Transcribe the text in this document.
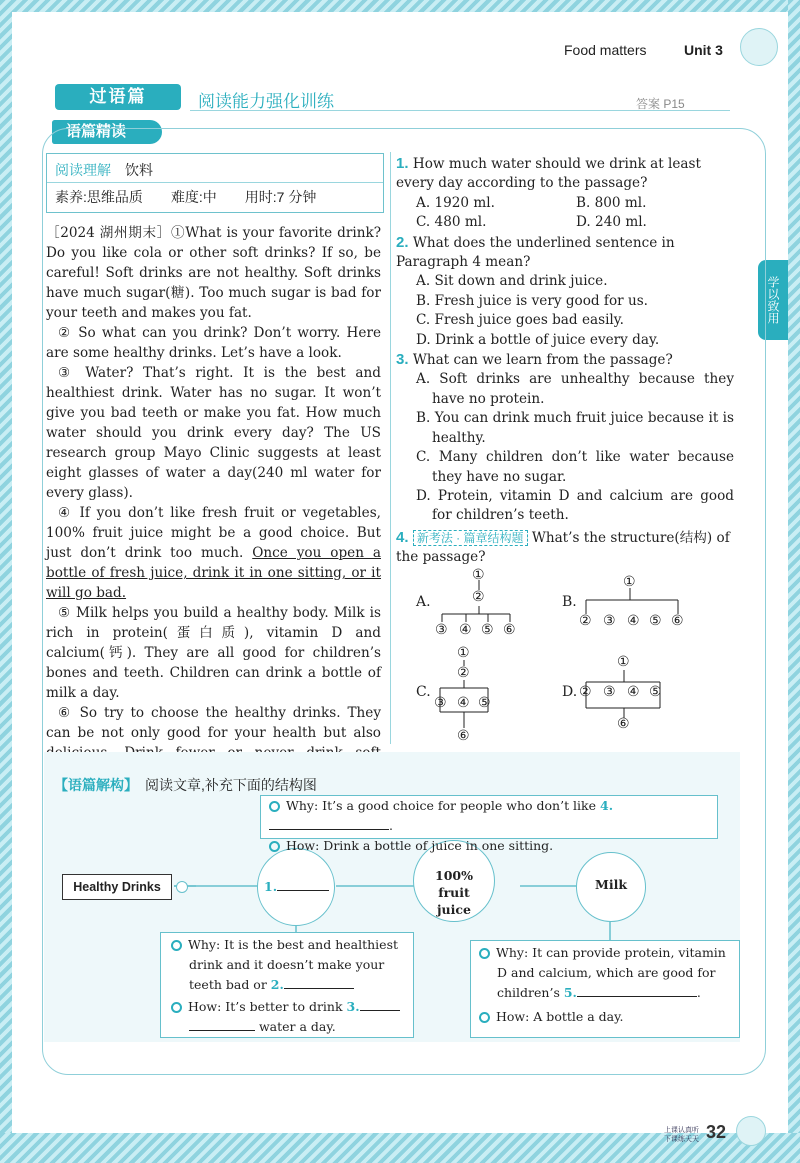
Food matters	Unit 3
过语篇	阅读能力强化训练	答案 P15
语篇精读
学以致用
阅读理解　 饮料
素养:思维品质　　难度:中　　用时:7 分钟

［2024 湖州期末］①What is your favorite drink? Do you like cola or other soft drinks? If so, be careful! Soft drinks are not healthy. Soft drinks have much sugar(糖). Too much sugar is bad for your teeth and makes you fat.

② So what can you drink? Don’t worry. Here are some healthy drinks. Let’s have a look.

③ Water? That’s right. It is the best and healthiest drink. Water has no sugar. It won’t give you bad teeth or make you fat. How much water should you drink every day? The US research group Mayo Clinic suggests at least eight glasses of water a day(240 ml water for every glass).

④ If you don’t like fresh fruit or vegetables, 100% fruit juice might be a good choice. But just don’t drink too much. Once you open a bottle of fresh juice, drink it in one sitting, or it will go bad.

⑤ Milk helps you build a healthy body. Milk is rich in protein(蛋白质), vitamin D and calcium(钙). They are all good for children’s bones and teeth. Children can drink a bottle of milk a day.

⑥ So try to choose the healthy drinks. They can be not only good for your health but also

1. How much water should we drink at least every day according to the passage?
A. 1920 ml.	B. 800 ml.
C. 480 ml.	D. 240 ml.
2. What does the underlined sentence in Paragraph 4 mean?
A. Sit down and drink juice.
B. Fresh juice is very good for us.
C. Fresh juice goes bad easily.
D. Drink a bottle of juice every day.
3. What can we learn from the passage?
A. Soft drinks are unhealthy because they have no protein.
B. You can drink much fruit juice because it is healthy.
C. Many children don’t like water because they have no sugar.
D. Protein, vitamin D and calcium are good for children’s teeth.
4. 新考法 · 篇章结构题 What’s the structure(结构) of the passage?
A.
①
②
③ ④ ⑤ ⑥
B.
①
② ③ ④ ⑤ ⑥
C.
①
②
③ ④ ⑤
⑥
D.
①
② ③ ④ ⑤
⑥
【语篇解构】　 阅读文章,补充下面的结构图
Healthy Drinks	1.
100% fruit juice
Milk
Why: It’s a good choice for people who don’t like 4..
How: Drink a bottle of juice in one sitting.
Why: It is the best and healthiest drink and it doesn’t make your teeth bad or 2.
How: It’s better to drink 3.  water a day.
Why: It can provide protein, vitamin D and calcium, which are good for children’s 5.	.
How: A bottle a day.
上课认真听 下课练天天 32
